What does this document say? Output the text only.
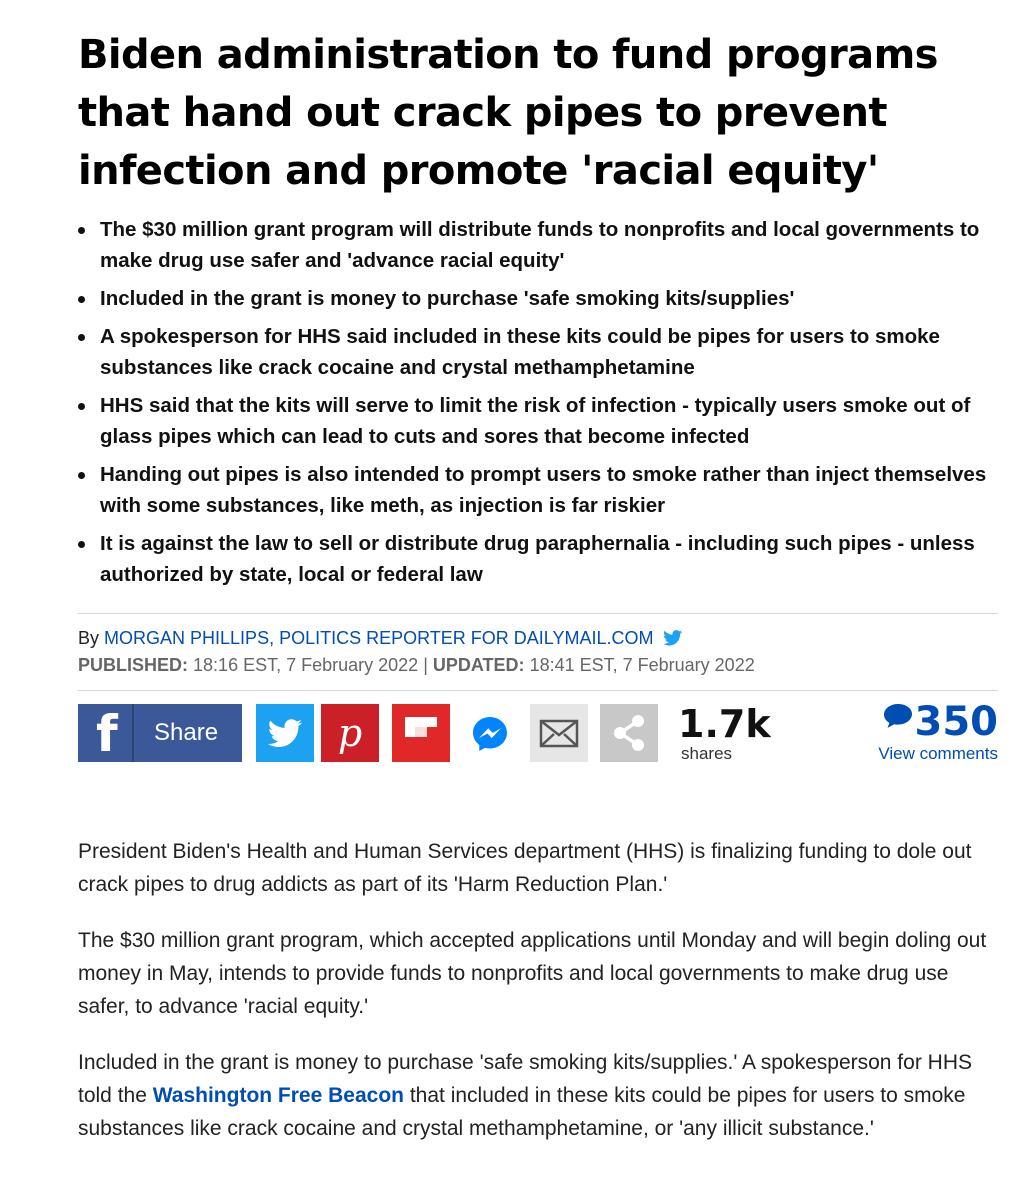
Biden administration to fund programs that hand out crack pipes to prevent infection and promote 'racial equity'
The $30 million grant program will distribute funds to nonprofits and local governments to make drug use safer and 'advance racial equity'
Included in the grant is money to purchase 'safe smoking kits/supplies'
A spokesperson for HHS said included in these kits could be pipes for users to smoke substances like crack cocaine and crystal methamphetamine
HHS said that the kits will serve to limit the risk of infection - typically users smoke out of glass pipes which can lead to cuts and sores that become infected
Handing out pipes is also intended to prompt users to smoke rather than inject themselves with some substances, like meth, as injection is far riskier
It is against the law to sell or distribute drug paraphernalia - including such pipes - unless authorized by state, local or federal law
By MORGAN PHILLIPS, POLITICS REPORTER FOR DAILYMAIL.COM
PUBLISHED: 18:16 EST, 7 February 2022 | UPDATED: 18:41 EST, 7 February 2022
f Share	p	1.7k
shares
350
View comments

President Biden's Health and Human Services department (HHS) is finalizing funding to dole out crack pipes to drug addicts as part of its 'Harm Reduction Plan.'

The $30 million grant program, which accepted applications until Monday and will begin doling out money in May, intends to provide funds to nonprofits and local governments to make drug use safer, to advance 'racial equity.'

Included in the grant is money to purchase 'safe smoking kits/supplies.' A spokesperson for HHS told the Washington Free Beacon that included in these kits could be pipes for users to smoke substances like crack cocaine and crystal methamphetamine, or 'any illicit substance.'
